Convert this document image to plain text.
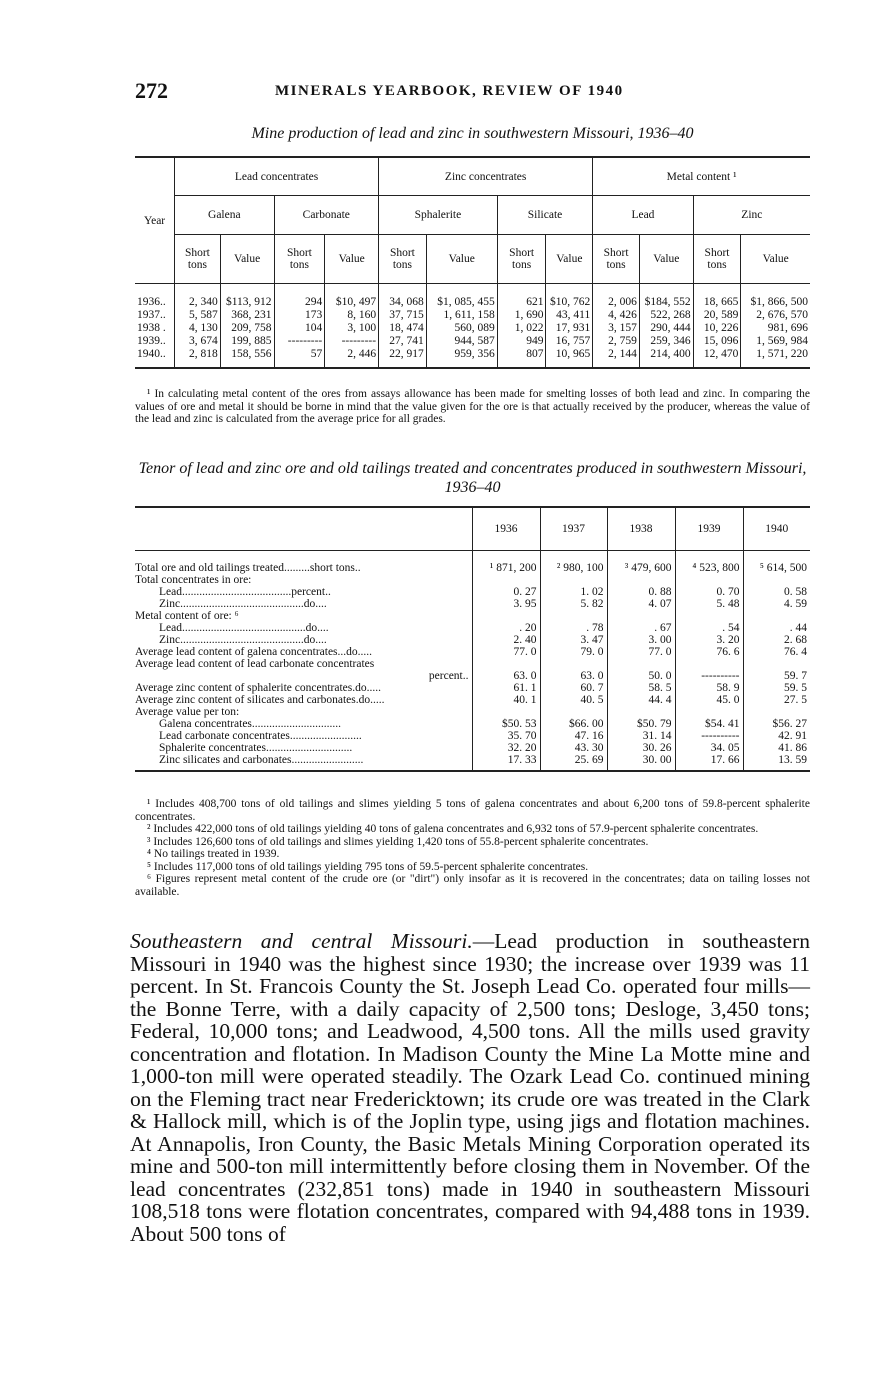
272	MINERALS YEARBOOK, REVIEW OF 1940
Mine production of lead and zinc in southwestern Missouri, 1936–40
Year	Lead concentrates				Zinc concentrates				Metal content ¹			
	Galena		Carbonate		Sphalerite		Silicate		Lead		Zinc	
	Short tons	Value	Short tons	Value	Short tons	Value	Short tons	Value	Short tons	Value	Short tons	Value
1936..	2, 340	$113, 912	294	$10, 497	34, 068	$1, 085, 455	621	$10, 762	2, 006	$184, 552	18, 665	$1, 866, 500
1937..	5, 587	368, 231	173	8, 160	37, 715	1, 611, 158	1, 690	43, 411	4, 426	522, 268	20, 589	2, 676, 570
1938 .	4, 130	209, 758	104	3, 100	18, 474	560, 089	1, 022	17, 931	3, 157	290, 444	10, 226	981, 696
1939..	3, 674	199, 885	---------	---------	27, 741	944, 587	949	16, 757	2, 759	259, 346	15, 096	1, 569, 984
1940..	2, 818	158, 556	57	2, 446	22, 917	959, 356	807	10, 965	2, 144	214, 400	12, 470	1, 571, 220
¹ In calculating metal content of the ores from assays allowance has been made for smelting losses of both lead and zinc. In comparing the values of ore and metal it should be borne in mind that the value given for the ore is that actually received by the producer, whereas the value of the lead and zinc is calculated from the average price for all grades.
Tenor of lead and zinc ore and old tailings treated and concentrates produced in southwestern Missouri, 1936–40
	1936	1937	1938	1939	1940
Total ore and old tailings treated.........short tons..	¹ 871, 200	² 980, 100	³ 479, 600	⁴ 523, 800	⁵ 614, 500
Total concentrates in ore:					
Lead......................................percent..	0. 27	1. 02	0. 88	0. 70	0. 58
Zinc...........................................do....	3. 95	5. 82	4. 07	5. 48	4. 59
Metal content of ore: ⁶					
Lead...........................................do....	. 20	. 78	. 67	. 54	. 44
Zinc...........................................do....	2. 40	3. 47	3. 00	3. 20	2. 68
Average lead content of galena concentrates...do.....	77. 0	79. 0	77. 0	76. 6	76. 4
Average lead content of lead carbonate concentrates					
percent..	63. 0	63. 0	50. 0	----------	59. 7
Average zinc content of sphalerite concentrates.do.....	61. 1	60. 7	58. 5	58. 9	59. 5
Average zinc content of silicates and carbonates.do.....	40. 1	40. 5	44. 4	45. 0	27. 5
Average value per ton:					
Galena concentrates...............................	$50. 53	$66. 00	$50. 79	$54. 41	$56. 27
Lead carbonate concentrates.........................	35. 70	47. 16	31. 14	----------	42. 91
Sphalerite concentrates..............................	32. 20	43. 30	30. 26	34. 05	41. 86
Zinc silicates and carbonates.........................	17. 33	25. 69	30. 00	17. 66	13. 59

¹ Includes 408,700 tons of old tailings and slimes yielding 5 tons of galena concentrates and about 6,200 tons of 59.8-percent sphalerite concentrates.

² Includes 422,000 tons of old tailings yielding 40 tons of galena concentrates and 6,932 tons of 57.9-percent sphalerite concentrates.

³ Includes 126,600 tons of old tailings and slimes yielding 1,420 tons of 55.8-percent sphalerite concentrates.

⁴ No tailings treated in 1939.

⁵ Includes 117,000 tons of old tailings yielding 795 tons of 59.5-percent sphalerite concentrates.

⁶ Figures represent metal content of the crude ore (or "dirt") only insofar as it is recovered in the concentrates; data on tailing losses not available.

Southeastern and central Missouri.—Lead production in southeastern Missouri in 1940 was the highest since 1930; the increase over 1939 was 11 percent. In St. Francois County the St. Joseph Lead Co. operated four mills—the Bonne Terre, with a daily capacity of 2,500 tons; Desloge, 3,450 tons; Federal, 10,000 tons; and Leadwood, 4,500 tons. All the mills used gravity concentration and flotation. In Madison County the Mine La Motte mine and 1,000-ton mill were operated steadily. The Ozark Lead Co. continued mining on the Fleming tract near Fredericktown; its crude ore was treated in the Clark & Hallock mill, which is of the Joplin type, using jigs and flotation machines. At Annapolis, Iron County, the Basic Metals Mining Corporation operated its mine and 500-ton mill intermittently before closing them in November. Of the lead concentrates (232,851 tons) made in 1940 in southeastern Missouri 108,518 tons were flotation concentrates, compared with 94,488 tons in 1939. About 500 tons of
